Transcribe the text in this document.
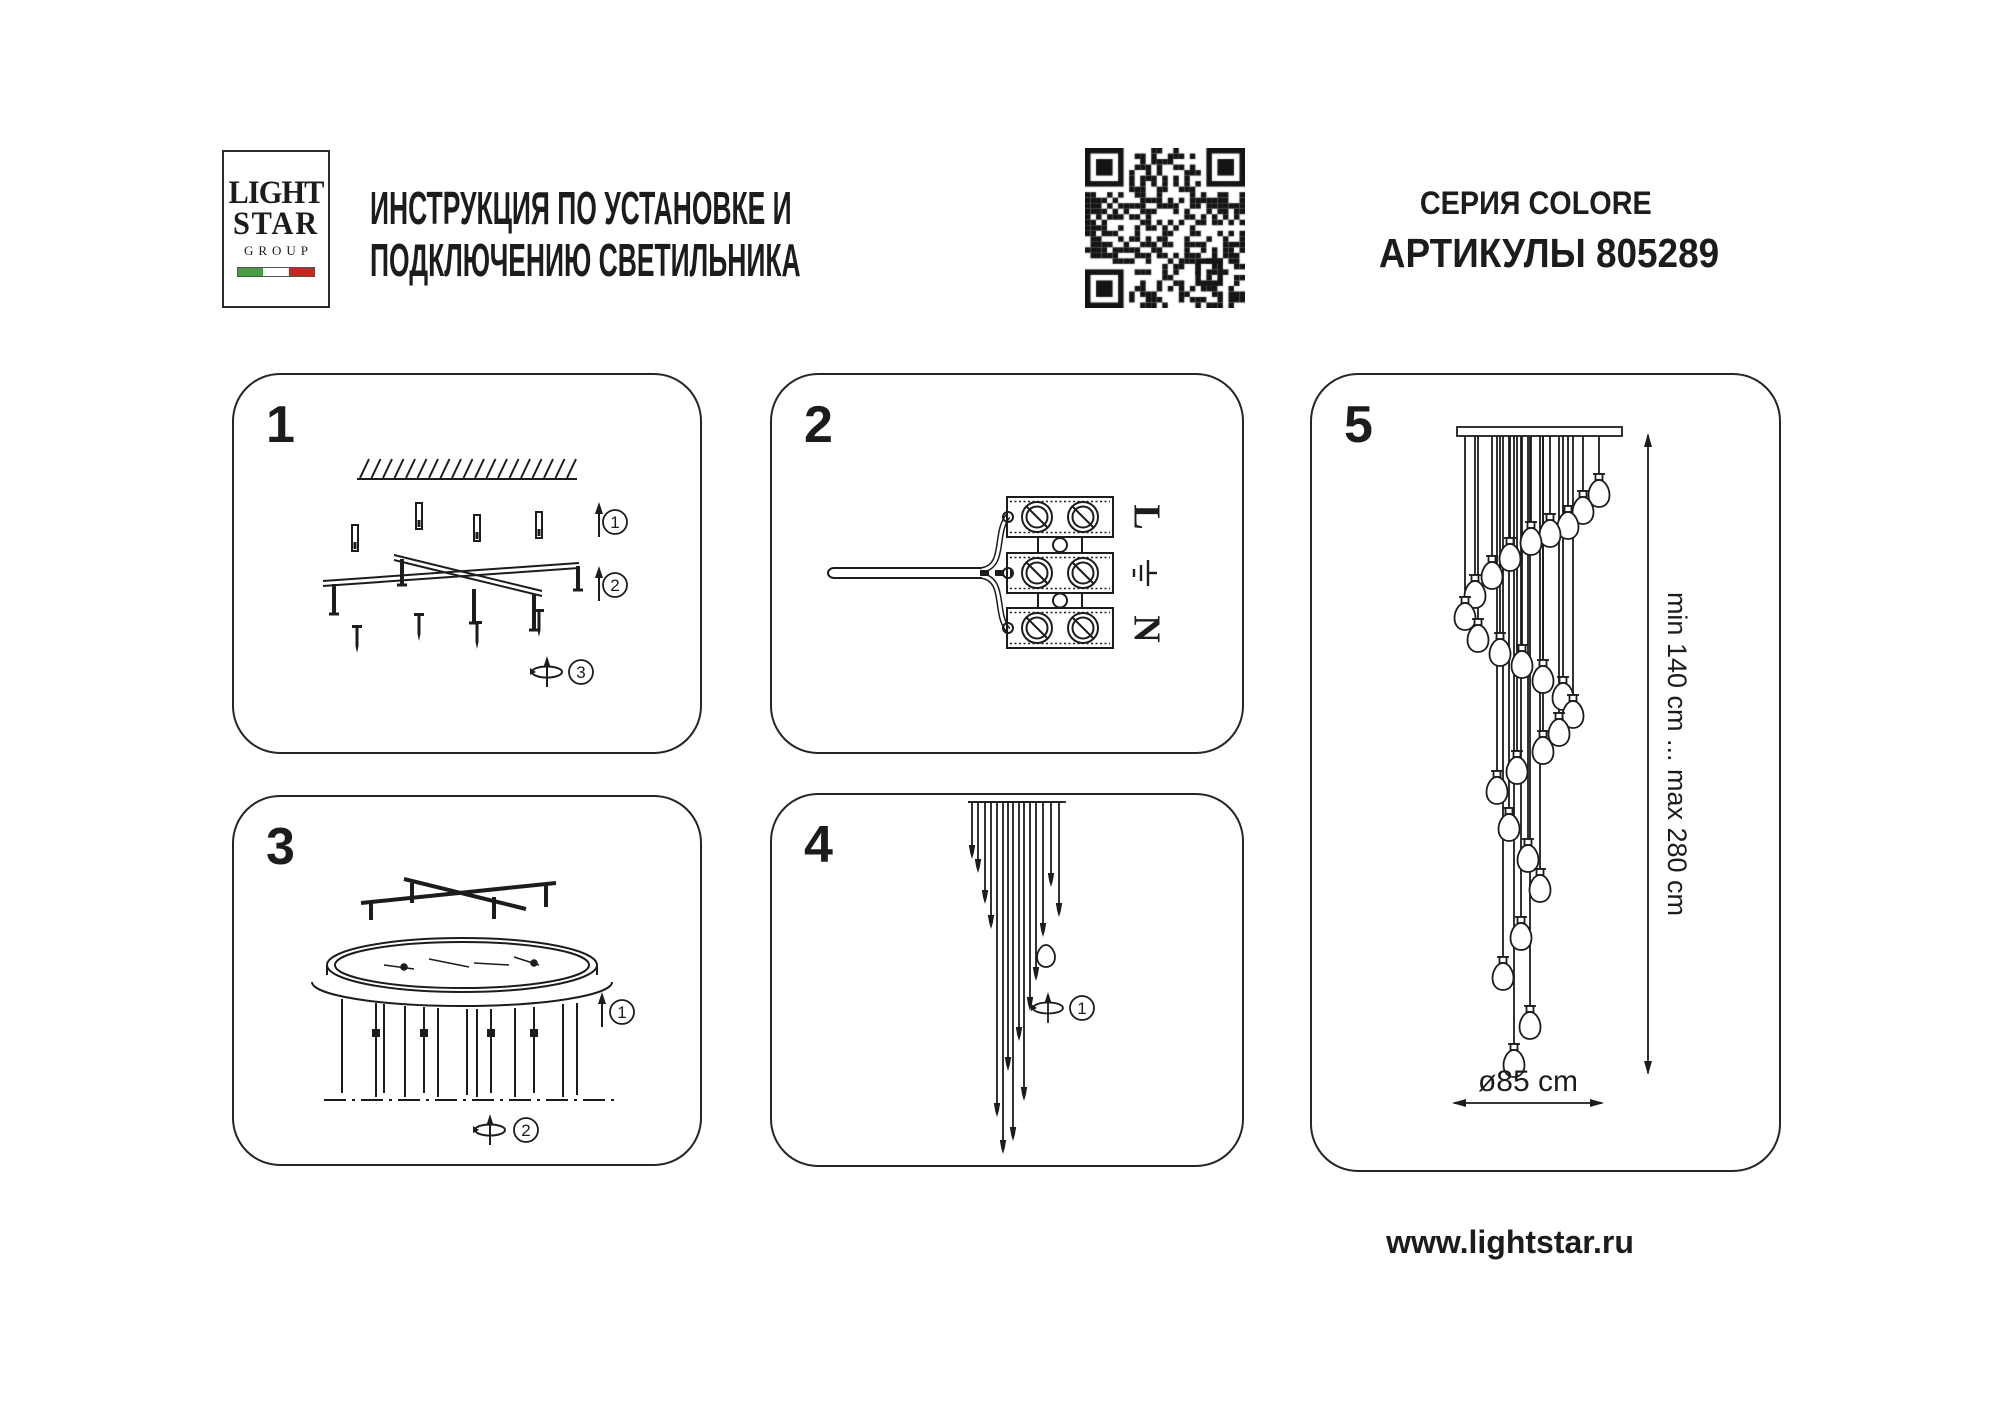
LIGHT
STAR
GROUP
ИНСТРУКЦИЯ ПО УСТАНОВКЕ И
ПОДКЛЮЧЕНИЮ СВЕТИЛЬНИКА
СЕРИЯ COLORE
АРТИКУЛЫ 805289
1
1
2
3
2
L
N
3
1
2
4
1
5
min 140 cm ... max 280 cm
ø85 cm
www.lightstar.ru
